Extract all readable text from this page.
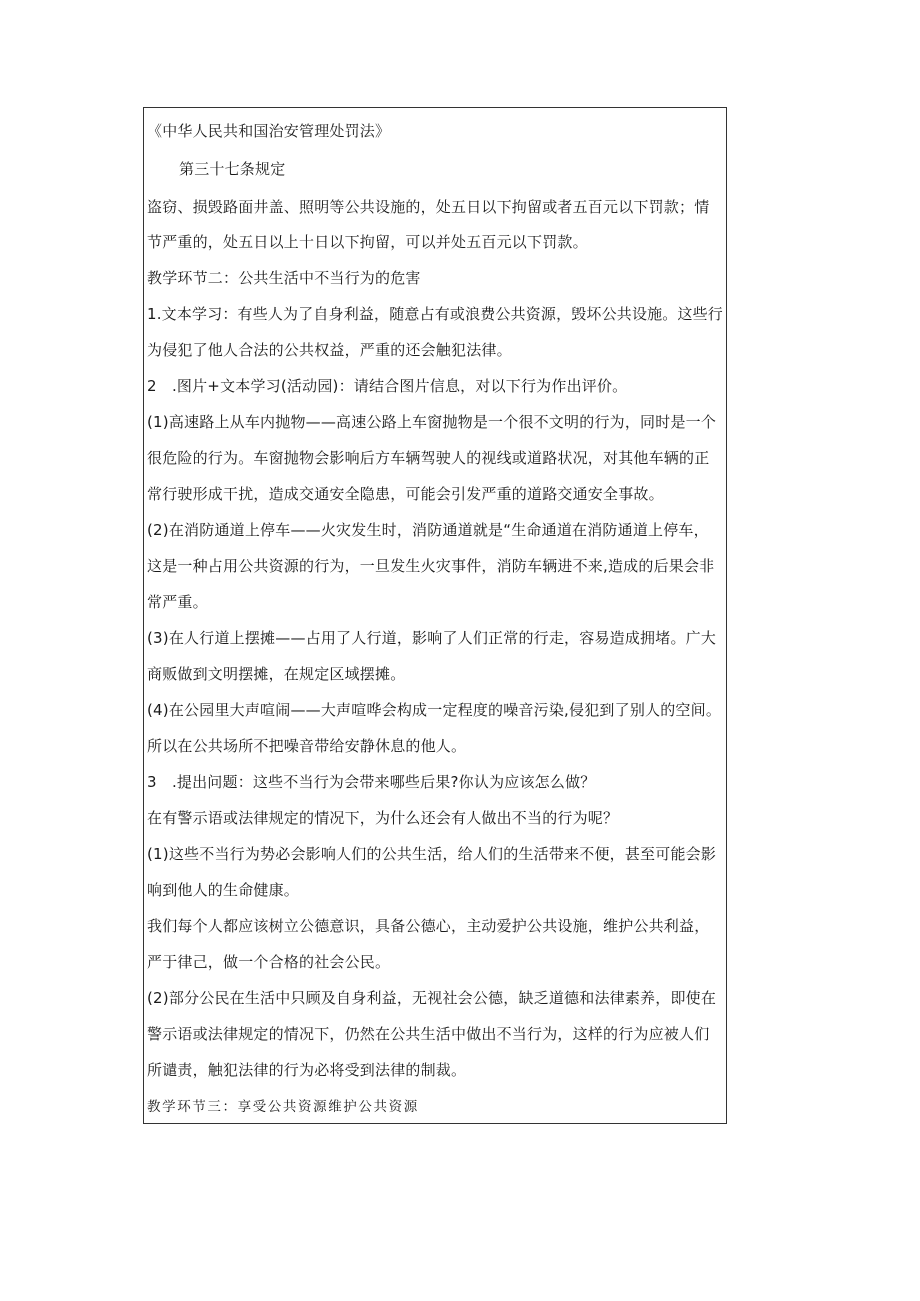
《中华人民共和国治安管理处罚法》
第三十七条规定
盗窃、损毁路面井盖、照明等公共设施的，处五日以下拘留或者五百元以下罚款；情
节严重的，处五日以上十日以下拘留，可以并处五百元以下罚款。
教学环节二：公共生活中不当行为的危害
1.文本学习：有些人为了自身利益，随意占有或浪费公共资源，毁坏公共设施。这些行
为侵犯了他人合法的公共权益，严重的还会触犯法律。
2　.图片+文本学习(活动园)：请结合图片信息，对以下行为作出评价。
(1)高速路上从车内抛物——高速公路上车窗抛物是一个很不文明的行为，同时是一个
很危险的行为。车窗抛物会影响后方车辆驾驶人的视线或道路状况，对其他车辆的正
常行驶形成干扰，造成交通安全隐患，可能会引发严重的道路交通安全事故。
(2)在消防通道上停车——火灾发生时，消防通道就是“生命通道在消防通道上停车，
这是一种占用公共资源的行为，一旦发生火灾事件，消防车辆进不来,造成的后果会非
常严重。
(3)在人行道上摆摊——占用了人行道，影响了人们正常的行走，容易造成拥堵。广大
商贩做到文明摆摊，在规定区域摆摊。
(4)在公园里大声喧闹——大声喧哗会构成一定程度的噪音污染,侵犯到了别人的空间。
所以在公共场所不把噪音带给安静休息的他人。
3　.提出问题：这些不当行为会带来哪些后果?你认为应该怎么做？
在有警示语或法律规定的情况下，为什么还会有人做出不当的行为呢？
(1)这些不当行为势必会影响人们的公共生活，给人们的生活带来不便，甚至可能会影
响到他人的生命健康。
我们每个人都应该树立公德意识，具备公德心，主动爱护公共设施，维护公共利益，
严于律己，做一个合格的社会公民。
(2)部分公民在生活中只顾及自身利益，无视社会公德，缺乏道德和法律素养，即使在
警示语或法律规定的情况下，仍然在公共生活中做出不当行为，这样的行为应被人们
所谴责，触犯法律的行为必将受到法律的制裁。
教学环节三：享受公共资源维护公共资源
